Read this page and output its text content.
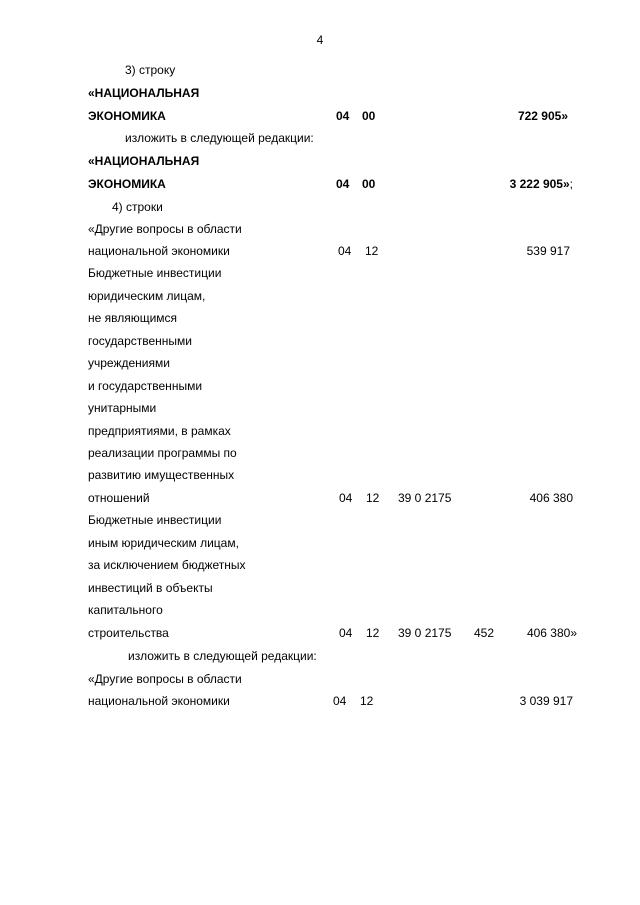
4
3) строку
«НАЦИОНАЛЬНАЯ
ЭКОНОМИКА	04 00	722 905»
изложить в следующей редакции:
«НАЦИОНАЛЬНАЯ
ЭКОНОМИКА	04 00	3 222 905»;
4) строки
«Другие вопросы в области
национальной экономики	04 12	539 917
Бюджетные инвестиции
юридическим лицам,
не являющимся
государственными
учреждениями
и государственными
унитарными
предприятиями, в рамках
реализации программы по
развитию имущественных
отношений	04 12 39 0 2175	406 380
Бюджетные инвестиции
иным юридическим лицам,
за исключением бюджетных
инвестиций в объекты
капитального
строительства	04 12 39 0 2175 452	406 380»
изложить в следующей редакции:
«Другие вопросы в области
национальной экономики	04 12	3 039 917
